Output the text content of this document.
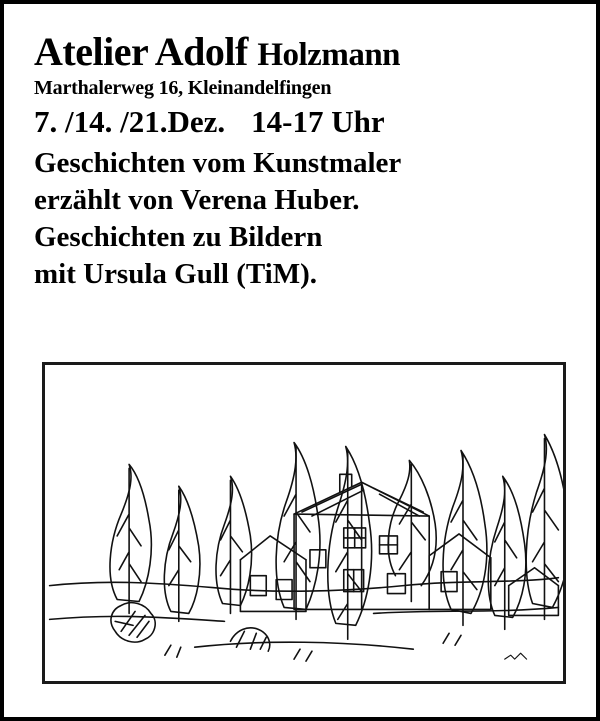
Atelier Adolf Holzmann
Marthalerweg 16, Kleinandelfingen
7. /14. /21.Dez. 14-17 Uhr
Geschichten vom Kunstmaler
erzählt von Verena Huber.
Geschichten zu Bildern
mit Ursula Gull (TiM).
